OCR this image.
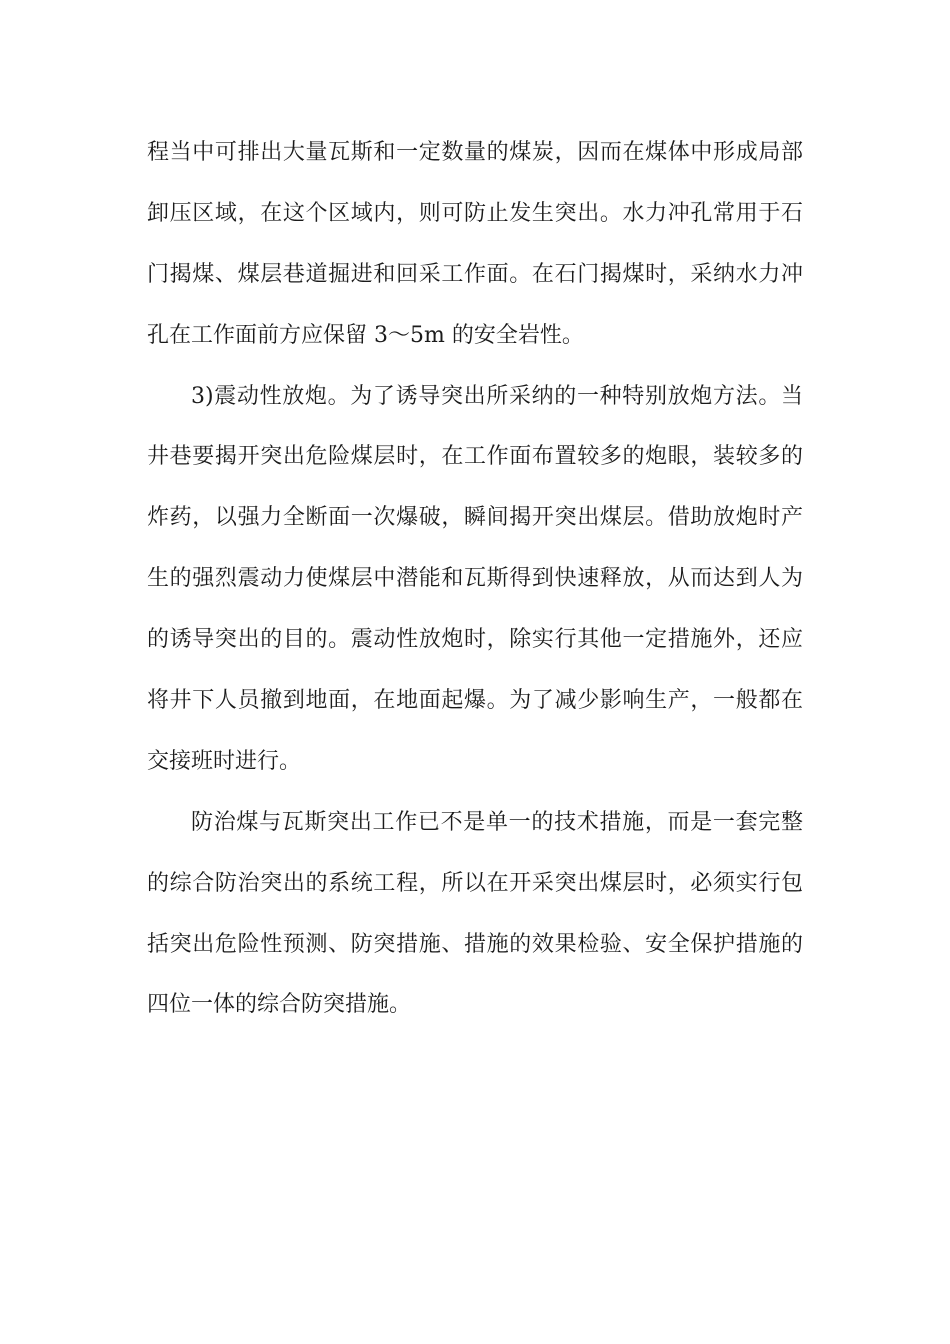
程当中可排出大量瓦斯和一定数量的煤炭，因而在煤体中形成局部
卸压区域，在这个区域内，则可防止发生突出。水力冲孔常用于石
门揭煤、煤层巷道掘进和回采工作面。在石门揭煤时，采纳水力冲
孔在工作面前方应保留 3～5m 的安全岩性。
3)震动性放炮。为了诱导突出所采纳的一种特别放炮方法。当
井巷要揭开突出危险煤层时，在工作面布置较多的炮眼，装较多的
炸药，以强力全断面一次爆破，瞬间揭开突出煤层。借助放炮时产
生的强烈震动力使煤层中潜能和瓦斯得到快速释放，从而达到人为
的诱导突出的目的。震动性放炮时，除实行其他一定措施外，还应
将井下人员撤到地面，在地面起爆。为了减少影响生产，一般都在
交接班时进行。
防治煤与瓦斯突出工作已不是单一的技术措施，而是一套完整
的综合防治突出的系统工程，所以在开采突出煤层时，必须实行包
括突出危险性预测、防突措施、措施的效果检验、安全保护措施的
四位一体的综合防突措施。
